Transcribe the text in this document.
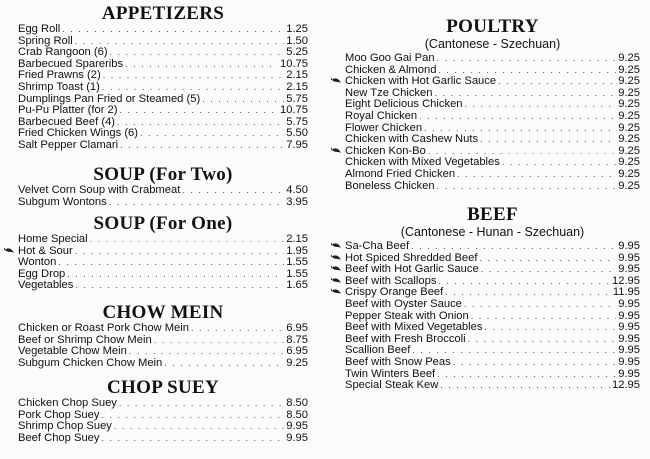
APPETIZERS
Egg Roll . . .	1.25
Spring Roll . . .	1.50
Crab Rangoon (6) . . .	5.25
Barbecued Spareribs . . .	10.75
Fried Prawns (2) . . .	2.15
Shrimp Toast (1) . . .	2.15
Dumplings Pan Fried or Steamed (5) . . .	5.75
Pu-Pu Platter (for 2) . . .	10.75
Barbecued Beef (4) . . .	5.75
Fried Chicken Wings (6) . . .	5.50
Salt Pepper Clamari . . .	7.95
SOUP (For Two)
Velvet Corn Soup with Crabmeat . . .	4.50
Subgum Wontons . . .	3.95
SOUP (For One)
Home Special . . .	2.15
Hot & Sour . . .	1.95
Wonton . . .	1.55
Egg Drop . . .	1.55
Vegetables . . .	1.65
CHOW MEIN
Chicken or Roast Pork Chow Mein . . .	6.95
Beef or Shrimp Chow Mein . . .	8.75
Vegetable Chow Mein . . .	6.95
Subgum Chicken Chow Mein . . .	9.25
CHOP SUEY
Chicken Chop Suey . . .	8.50
Pork Chop Suey . . .	8.50
Shrimp Chop Suey . . .	9.95
Beef Chop Suey . . .	9.95
POULTRY
(Cantonese - Szechuan)
Moo Goo Gai Pan . . .	9.25
Chicken & Almond . . .	9.25
Chicken with Hot Garlic Sauce . . .	9.25
New Tze Chicken . . .	9.25
Eight Delicious Chicken . . .	9.25
Royal Chicken . . .	9.25
Flower Chicken . . .	9.25
Chicken with Cashew Nuts . . .	9.25
Chicken Kon-Bo . . .	9.25
Chicken with Mixed Vegetables . . .	9.25
Almond Fried Chicken . . .	9.25
Boneless Chicken . . .	9.25
BEEF
(Cantonese - Hunan - Szechuan)
Sa-Cha Beef . . .	9.95
Hot Spiced Shredded Beef . . .	9.95
Beef with Hot Garlic Sauce . . .	9.95
Beef with Scallops . . .	12.95
Crispy Orange Beef . . .	11.95
Beef with Oyster Sauce . . .	9.95
Pepper Steak with Onion . . .	9.95
Beef with Mixed Vegetables . . .	9.95
Beef with Fresh Broccoli . . .	9.95
Scallion Beef . . .	9.95
Beef with Snow Peas . . .	9.95
Twin Winters Beef . . .	9.95
Special Steak Kew . . .	12.95
